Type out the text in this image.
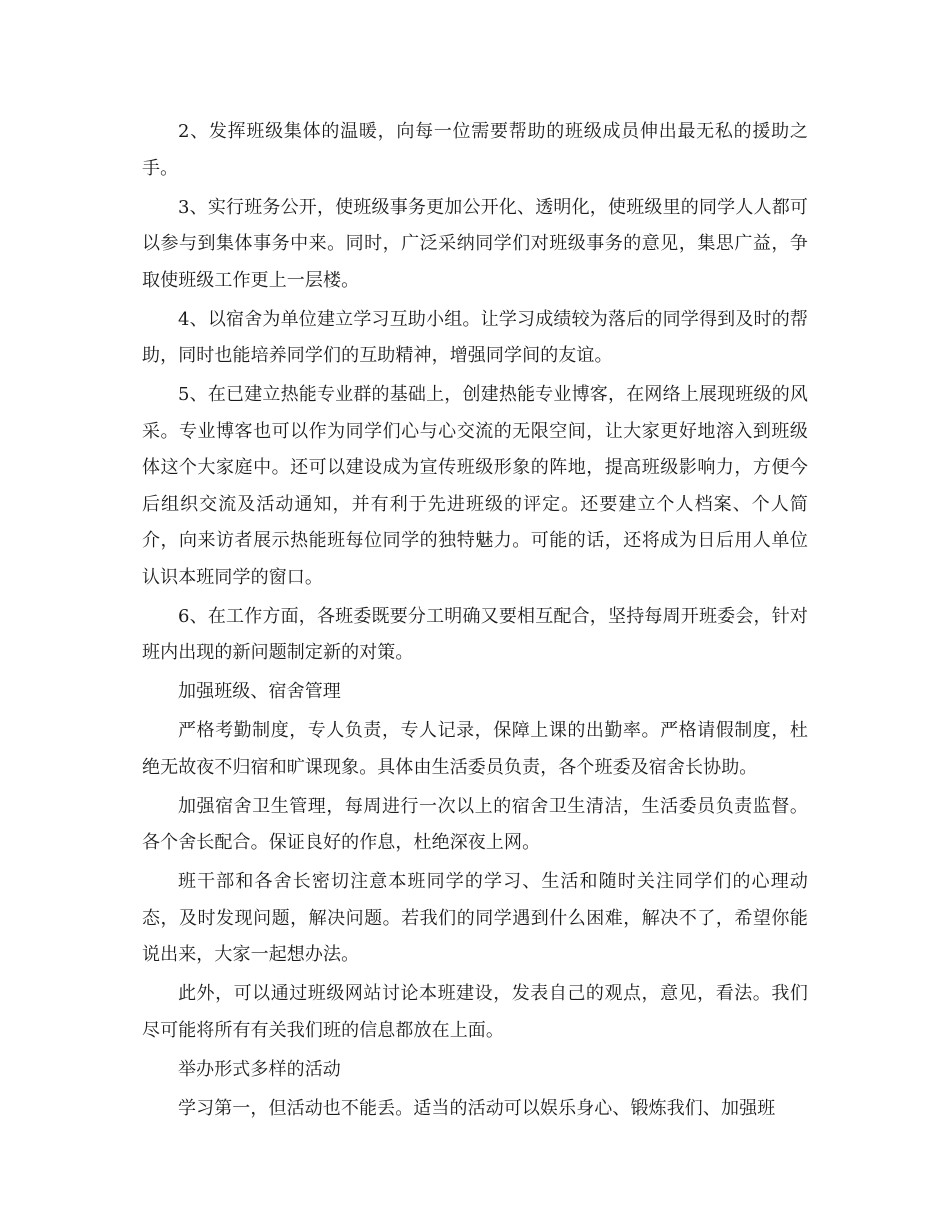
2、发挥班级集体的温暖，向每一位需要帮助的班级成员伸出最无私的援助之手。

3、实行班务公开，使班级事务更加公开化、透明化，使班级里的同学人人都可以参与到集体事务中来。同时，广泛采纳同学们对班级事务的意见，集思广益，争取使班级工作更上一层楼。

4、以宿舍为单位建立学习互助小组。让学习成绩较为落后的同学得到及时的帮助，同时也能培养同学们的互助精神，增强同学间的友谊。

5、在已建立热能专业群的基础上，创建热能专业博客，在网络上展现班级的风采。专业博客也可以作为同学们心与心交流的无限空间，让大家更好地溶入到班级体这个大家庭中。还可以建设成为宣传班级形象的阵地，提高班级影响力，方便今后组织交流及活动通知，并有利于先进班级的评定。还要建立个人档案、个人简介，向来访者展示热能班每位同学的独特魅力。可能的话，还将成为日后用人单位认识本班同学的窗口。

6、在工作方面，各班委既要分工明确又要相互配合，坚持每周开班委会，针对班内出现的新问题制定新的对策。

加强班级、宿舍管理

严格考勤制度，专人负责，专人记录，保障上课的出勤率。严格请假制度，杜绝无故夜不归宿和旷课现象。具体由生活委员负责，各个班委及宿舍长协助。

加强宿舍卫生管理，每周进行一次以上的宿舍卫生清洁，生活委员负责监督。各个舍长配合。保证良好的作息，杜绝深夜上网。

班干部和各舍长密切注意本班同学的学习、生活和随时关注同学们的心理动态，及时发现问题，解决问题。若我们的同学遇到什么困难，解决不了，希望你能说出来，大家一起想办法。

此外，可以通过班级网站讨论本班建设，发表自己的观点，意见，看法。我们尽可能将所有有关我们班的信息都放在上面。

举办形式多样的活动

学习第一，但活动也不能丢。适当的活动可以娱乐身心、锻炼我们、加强班
